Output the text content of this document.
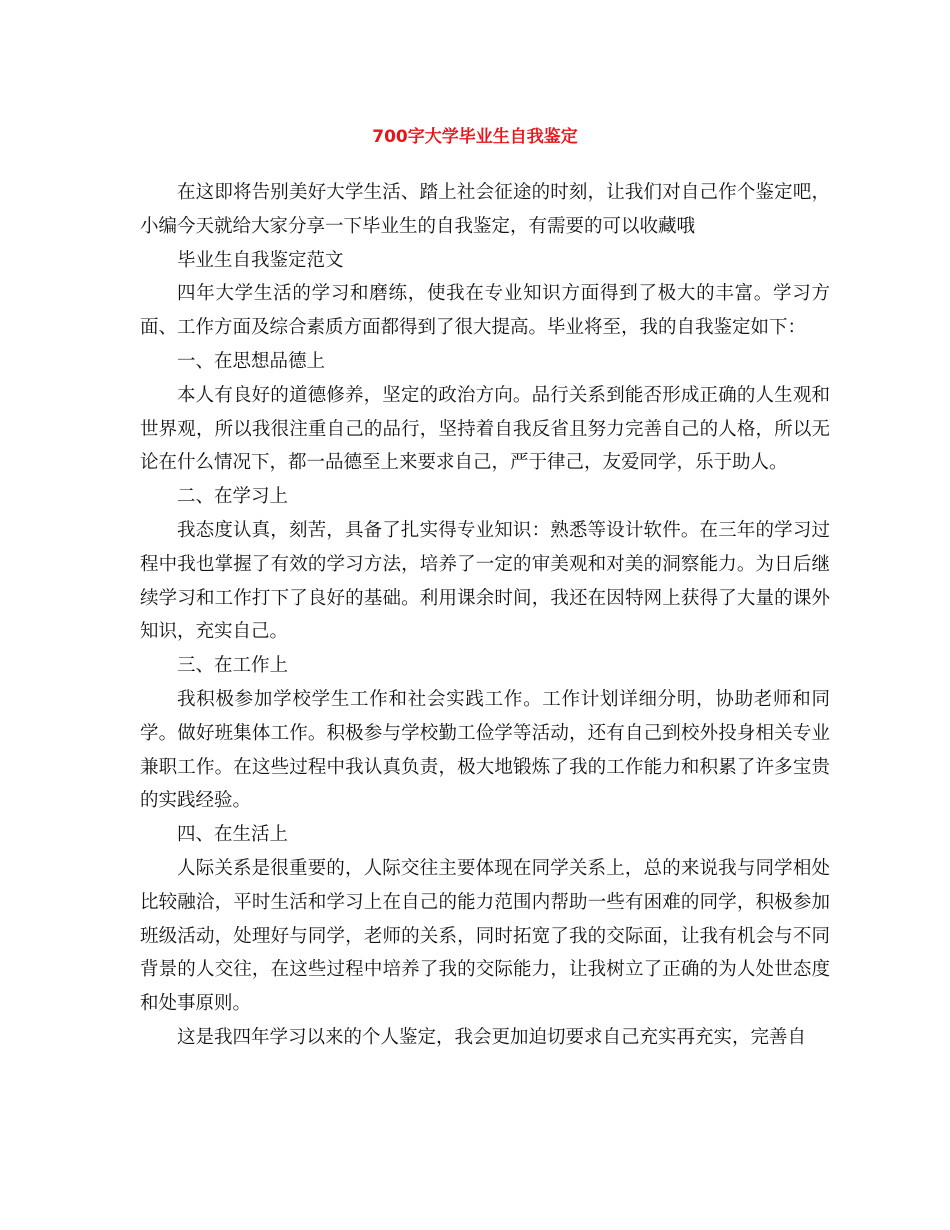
700字大学毕业生自我鉴定

在这即将告别美好大学生活、踏上社会征途的时刻，让我们对自己作个鉴定吧，小编今天就给大家分享一下毕业生的自我鉴定，有需要的可以收藏哦

毕业生自我鉴定范文

四年大学生活的学习和磨练，使我在专业知识方面得到了极大的丰富。学习方面、工作方面及综合素质方面都得到了很大提高。毕业将至，我的自我鉴定如下：

一、在思想品德上

本人有良好的道德修养，坚定的政治方向。品行关系到能否形成正确的人生观和世界观，所以我很注重自己的品行，坚持着自我反省且努力完善自己的人格，所以无论在什么情况下，都一品德至上来要求自己，严于律己，友爱同学，乐于助人。

二、在学习上

我态度认真，刻苦，具备了扎实得专业知识：熟悉等设计软件。在三年的学习过程中我也掌握了有效的学习方法，培养了一定的审美观和对美的洞察能力。为日后继续学习和工作打下了良好的基础。利用课余时间，我还在因特网上获得了大量的课外知识，充实自己。

三、在工作上

我积极参加学校学生工作和社会实践工作。工作计划详细分明，协助老师和同学。做好班集体工作。积极参与学校勤工俭学等活动，还有自己到校外投身相关专业兼职工作。在这些过程中我认真负责，极大地锻炼了我的工作能力和积累了许多宝贵的实践经验。

四、在生活上

人际关系是很重要的，人际交往主要体现在同学关系上，总的来说我与同学相处比较融洽，平时生活和学习上在自己的能力范围内帮助一些有困难的同学，积极参加班级活动，处理好与同学，老师的关系，同时拓宽了我的交际面，让我有机会与不同背景的人交往，在这些过程中培养了我的交际能力，让我树立了正确的为人处世态度和处事原则。

这是我四年学习以来的个人鉴定，我会更加迫切要求自己充实再充实，完善自
